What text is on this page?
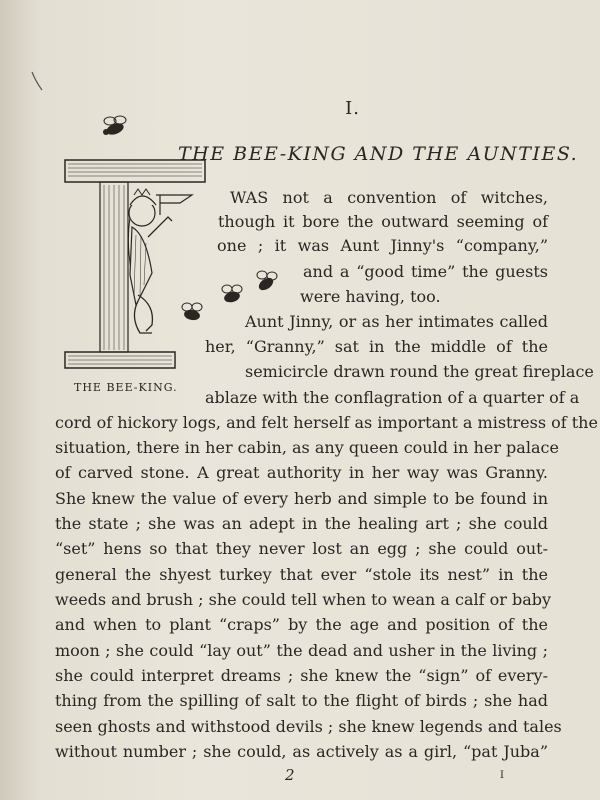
I.
THE BEE-KING AND THE AUNTIES.
THE BEE-KING.
WAS not a convention of witches,
though it bore the outward seeming of
one ; it was Aunt Jinny's “company,”
and a “good time” the guests
were having, too.
Aunt Jinny, or as her intimates called
her, “Granny,” sat in the middle of the
semicircle drawn round the great fireplace
ablaze with the conflagration of a quarter of a
cord of hickory logs, and felt herself as important a mistress of the
situation, there in her cabin, as any queen could in her palace
of carved stone. A great authority in her way was Granny.
She knew the value of every herb and simple to be found in
the state ; she was an adept in the healing art ; she could
“set” hens so that they never lost an egg ; she could out-
general the shyest turkey that ever “stole its nest” in the
weeds and brush ; she could tell when to wean a calf or baby
and when to plant “craps” by the age and position of the
moon ; she could “lay out” the dead and usher in the living ;
she could interpret dreams ; she knew the “sign” of every-
thing from the spilling of salt to the flight of birds ; she had
seen ghosts and withstood devils ; she knew legends and tales
without number ; she could, as actively as a girl, “pat Juba”
2	I
